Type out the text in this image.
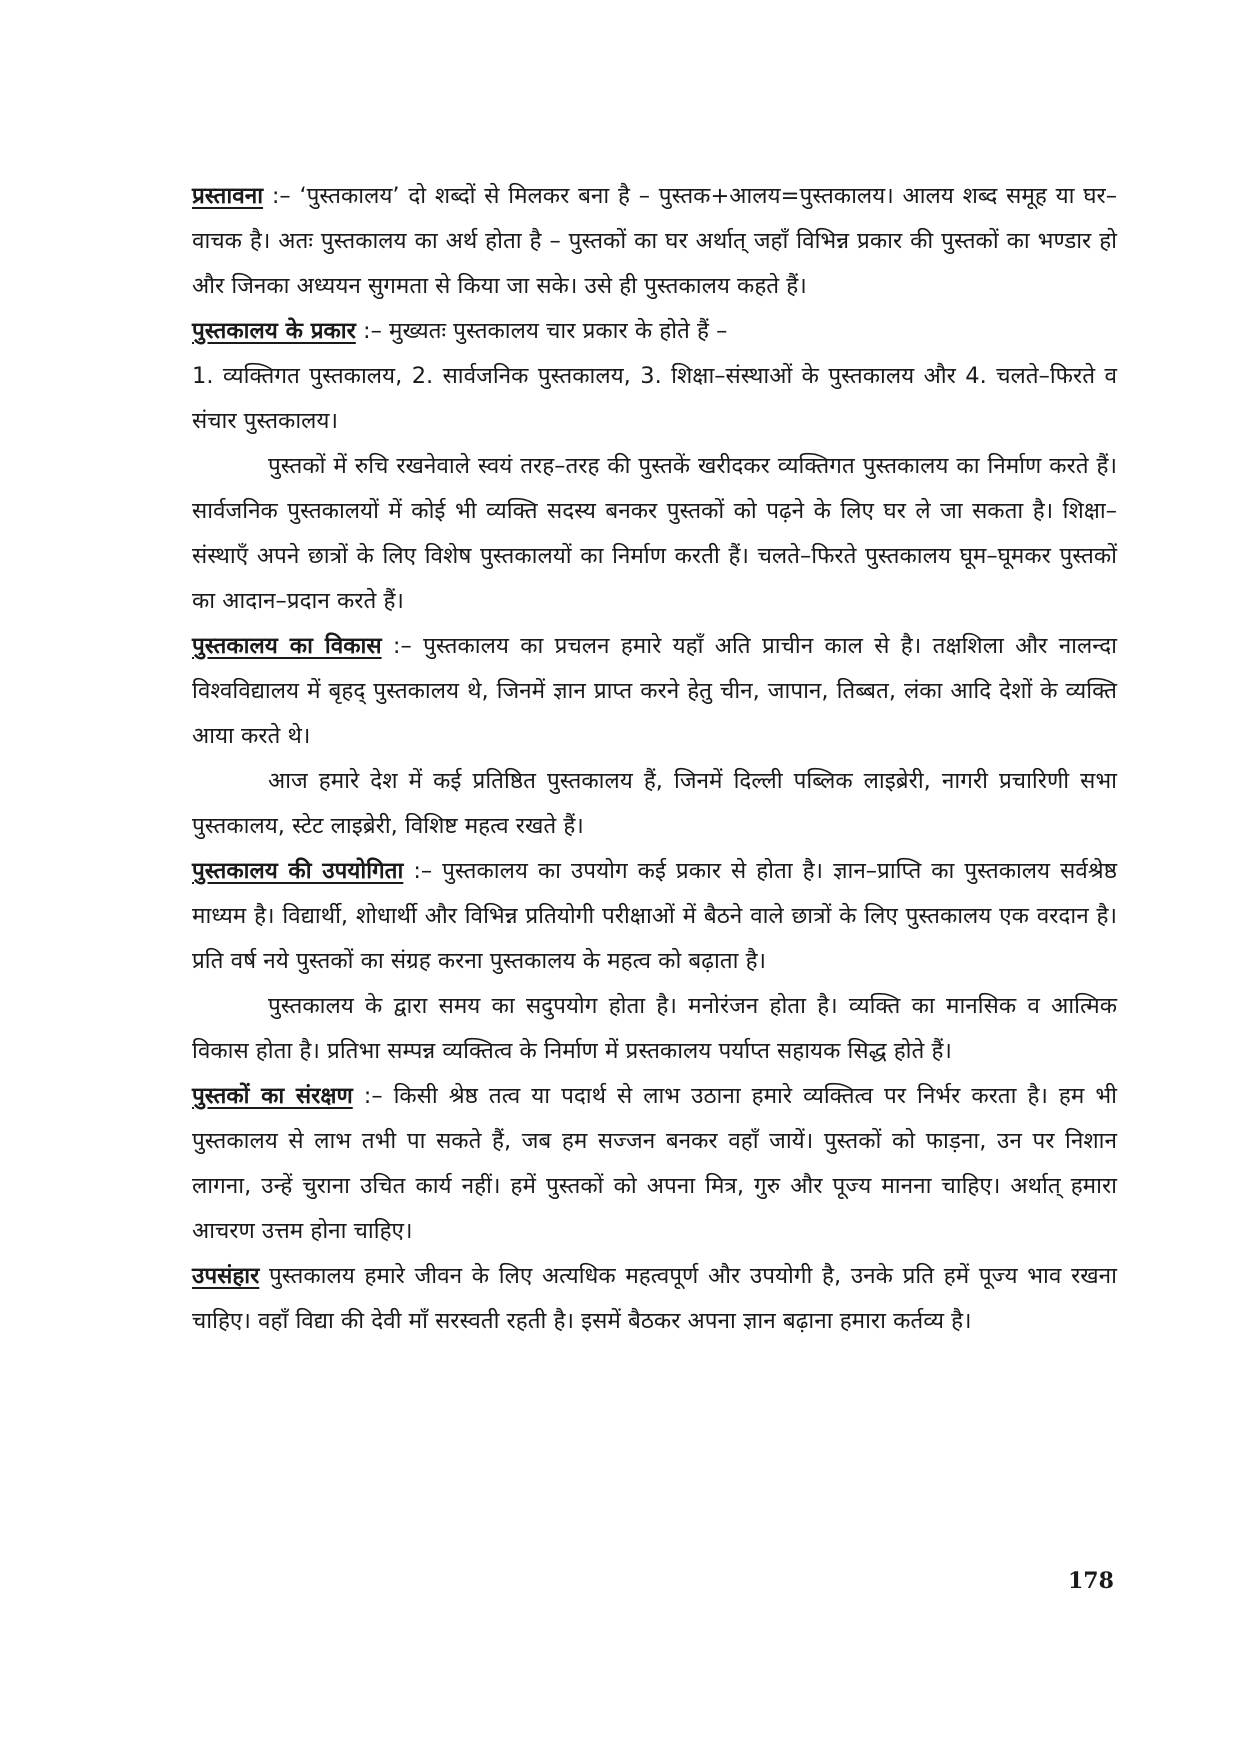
प्रस्तावना :– ‘पुस्तकालय’ दो शब्दों से मिलकर बना है – पुस्तक+आलय=पुस्तकालय। आलय शब्द समूह या घर–वाचक है। अतः पुस्तकालय का अर्थ होता है – पुस्तकों का घर अर्थात् जहाँ विभिन्न प्रकार की पुस्तकों का भण्डार हो और जिनका अध्ययन सुगमता से किया जा सके। उसे ही पुस्तकालय कहते हैं।

पुस्तकालय के प्रकार :– मुख्यतः पुस्तकालय चार प्रकार के होते हैं –

1. व्यक्तिगत पुस्तकालय, 2. सार्वजनिक पुस्तकालय, 3. शिक्षा–संस्थाओं के पुस्तकालय और 4. चलते–फिरते व संचार पुस्तकालय।

पुस्तकों में रुचि रखनेवाले स्वयं तरह–तरह की पुस्तकें खरीदकर व्यक्तिगत पुस्तकालय का निर्माण करते हैं। सार्वजनिक पुस्तकालयों में कोई भी व्यक्ति सदस्य बनकर पुस्तकों को पढ़ने के लिए घर ले जा सकता है। शिक्षा–संस्थाएँ अपने छात्रों के लिए विशेष पुस्तकालयों का निर्माण करती हैं। चलते–फिरते पुस्तकालय घूम–घूमकर पुस्तकों का आदान–प्रदान करते हैं।

पुस्तकालय का विकास :– पुस्तकालय का प्रचलन हमारे यहाँ अति प्राचीन काल से है। तक्षशिला और नालन्दा विश्वविद्यालय में बृहद् पुस्तकालय थे, जिनमें ज्ञान प्राप्त करने हेतु चीन, जापान, तिब्बत, लंका आदि देशों के व्यक्ति आया करते थे।

आज हमारे देश में कई प्रतिष्ठित पुस्तकालय हैं, जिनमें दिल्ली पब्लिक लाइब्रेरी, नागरी प्रचारिणी सभा पुस्तकालय, स्टेट लाइब्रेरी, विशिष्ट महत्व रखते हैं।

पुस्तकालय की उपयोगिता :– पुस्तकालय का उपयोग कई प्रकार से होता है। ज्ञान–प्राप्ति का पुस्तकालय सर्वश्रेष्ठ माध्यम है। विद्यार्थी, शोधार्थी और विभिन्न प्रतियोगी परीक्षाओं में बैठने वाले छात्रों के लिए पुस्तकालय एक वरदान है। प्रति वर्ष नये पुस्तकों का संग्रह करना पुस्तकालय के महत्व को बढ़ाता है।

पुस्तकालय के द्वारा समय का सदुपयोग होता है। मनोरंजन होता है। व्यक्ति का मानसिक व आत्मिक विकास होता है। प्रतिभा सम्पन्न व्यक्तित्व के निर्माण में प्रस्तकालय पर्याप्त सहायक सिद्ध होते हैं।

पुस्तकों का संरक्षण :– किसी श्रेष्ठ तत्व या पदार्थ से लाभ उठाना हमारे व्यक्तित्व पर निर्भर करता है। हम भी पुस्तकालय से लाभ तभी पा सकते हैं, जब हम सज्जन बनकर वहाँ जायें। पुस्तकों को फाड़ना, उन पर निशान लागना, उन्हें चुराना उचित कार्य नहीं। हमें पुस्तकों को अपना मित्र, गुरु और पूज्य मानना चाहिए। अर्थात् हमारा आचरण उत्तम होना चाहिए।

उपसंहार पुस्तकालय हमारे जीवन के लिए अत्यधिक महत्वपूर्ण और उपयोगी है, उनके प्रति हमें पूज्य भाव रखना चाहिए। वहाँ विद्या की देवी माँ सरस्वती रहती है। इसमें बैठकर अपना ज्ञान बढ़ाना हमारा कर्तव्य है।

178
